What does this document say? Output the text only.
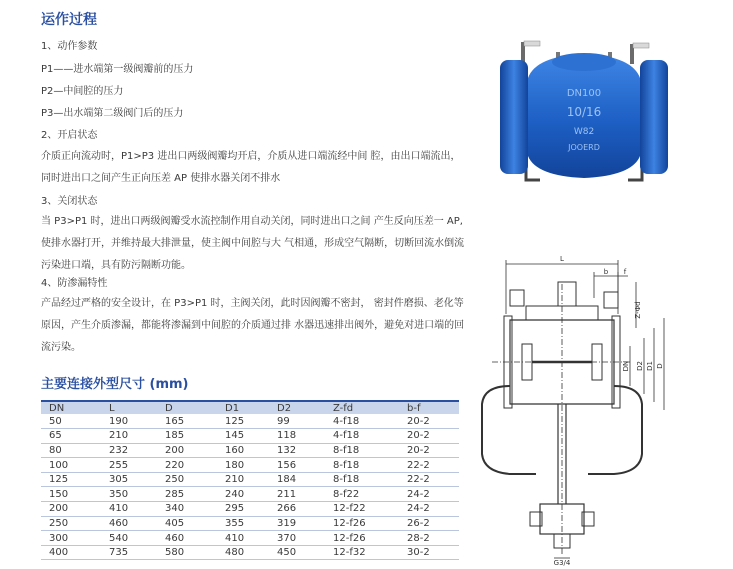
运作过程
1、动作参数
P1——进水端第一级阀瓣前的压力
P2—中间腔的压力
P3—出水端第二级阀门后的压力
2、开启状态
介质正向流动时，P1>P3 进出口两级阀瓣均开启，介质从进口端流经中间 腔，由出口端流出，同时进出口之间产生正向压差 AP 使排水器关闭不排水
3、关闭状态
当 P3>P1 时，进出口两级阀瓣受水流控制作用自动关闭，同时进出口之间 产生反向压差一 AP, 使排水器打开，并维持最大排泄量，使主阀中间腔与大 气相通，形成空气隔断，切断回流水倒流污染进口端，具有防污隔断功能。
4、防渗漏特性
产品经过严格的安全设计，在 P3>P1 时，主阀关闭，此时因阀瓣不密封， 密封件磨损、老化等原因，产生介质渗漏，都能将渗漏到中间腔的介质通过排 水器迅速排出阀外，避免对进口端的回流污染。
主要连接外型尺寸 (mm)
DN	L	D	D1	D2	Z-fd	b-f
50	190	165	125	99	4-f18	20-2
65	210	185	145	118	4-f18	20-2
80	232	200	160	132	8-f18	20-2
100	255	220	180	156	8-f18	22-2
125	305	250	210	184	8-f18	22-2
150	350	285	240	211	8-f22	24-2
200	410	340	295	266	12-f22	24-2
250	460	405	355	319	12-f26	26-2
300	540	460	410	370	12-f26	28-2
400	735	580	480	450	12-f32	30-2
DN100
10/16
W82
JOOERD
L
b f
Z-Φd
DN D2 D1 D
G3/4
